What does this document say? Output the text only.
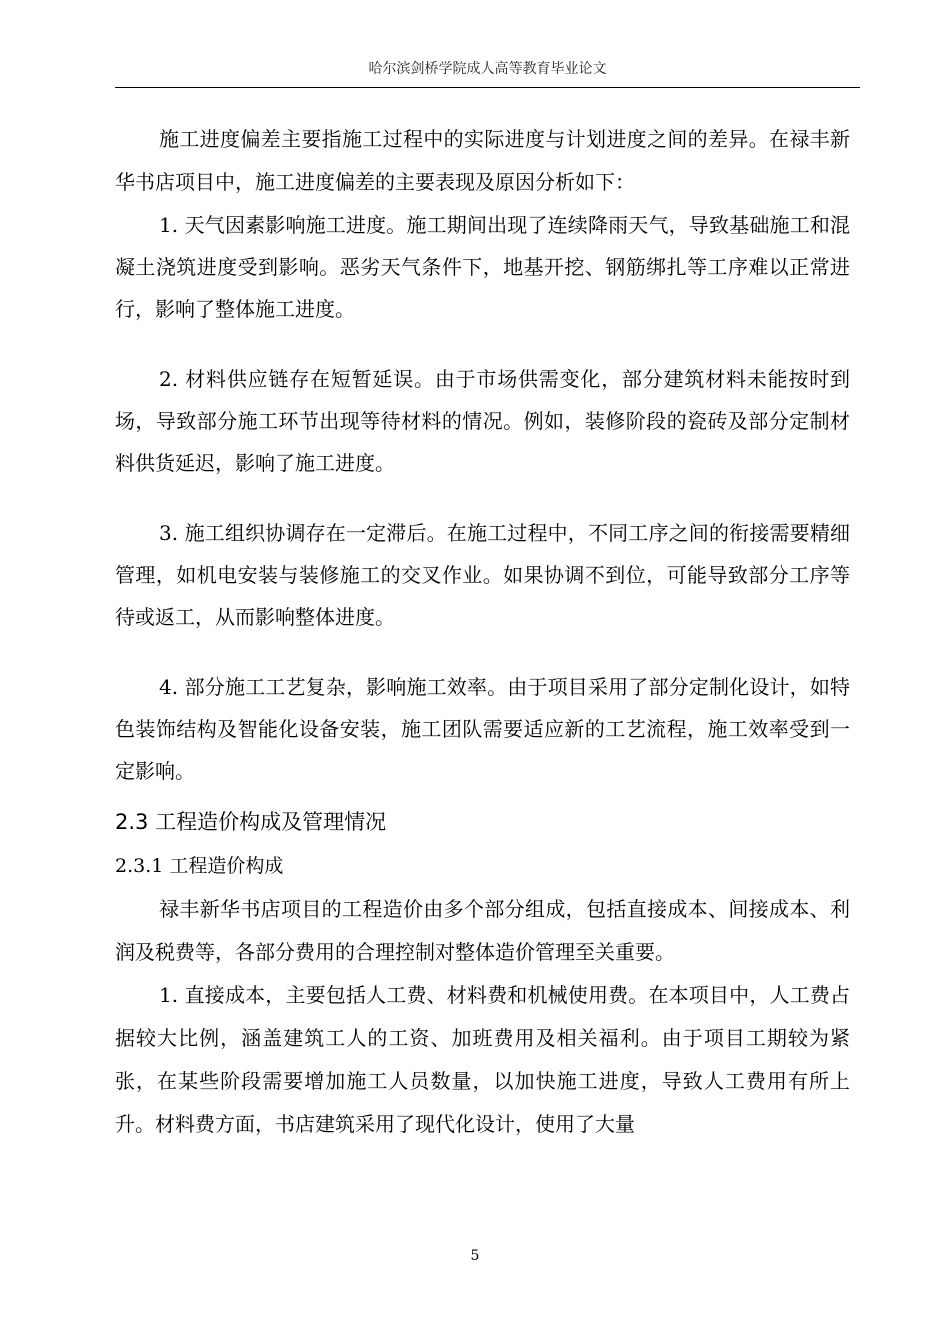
哈尔滨剑桥学院成人高等教育毕业论文

施工进度偏差主要指施工过程中的实际进度与计划进度之间的差异。在禄丰新华书店项目中，施工进度偏差的主要表现及原因分析如下：

1. 天气因素影响施工进度。施工期间出现了连续降雨天气，导致基础施工和混凝土浇筑进度受到影响。恶劣天气条件下，地基开挖、钢筋绑扎等工序难以正常进行，影响了整体施工进度。

2. 材料供应链存在短暂延误。由于市场供需变化，部分建筑材料未能按时到场，导致部分施工环节出现等待材料的情况。例如，装修阶段的瓷砖及部分定制材料供货延迟，影响了施工进度。

3. 施工组织协调存在一定滞后。在施工过程中，不同工序之间的衔接需要精细管理，如机电安装与装修施工的交叉作业。如果协调不到位，可能导致部分工序等待或返工，从而影响整体进度。

4. 部分施工工艺复杂，影响施工效率。由于项目采用了部分定制化设计，如特色装饰结构及智能化设备安装，施工团队需要适应新的工艺流程，施工效率受到一定影响。

2.3 工程造价构成及管理情况
2.3.1 工程造价构成

禄丰新华书店项目的工程造价由多个部分组成，包括直接成本、间接成本、利润及税费等，各部分费用的合理控制对整体造价管理至关重要。

1. 直接成本，主要包括人工费、材料费和机械使用费。在本项目中，人工费占据较大比例，涵盖建筑工人的工资、加班费用及相关福利。由于项目工期较为紧张，在某些阶段需要增加施工人员数量，以加快施工进度，导致人工费用有所上升。材料费方面，书店建筑采用了现代化设计，使用了大量

5
